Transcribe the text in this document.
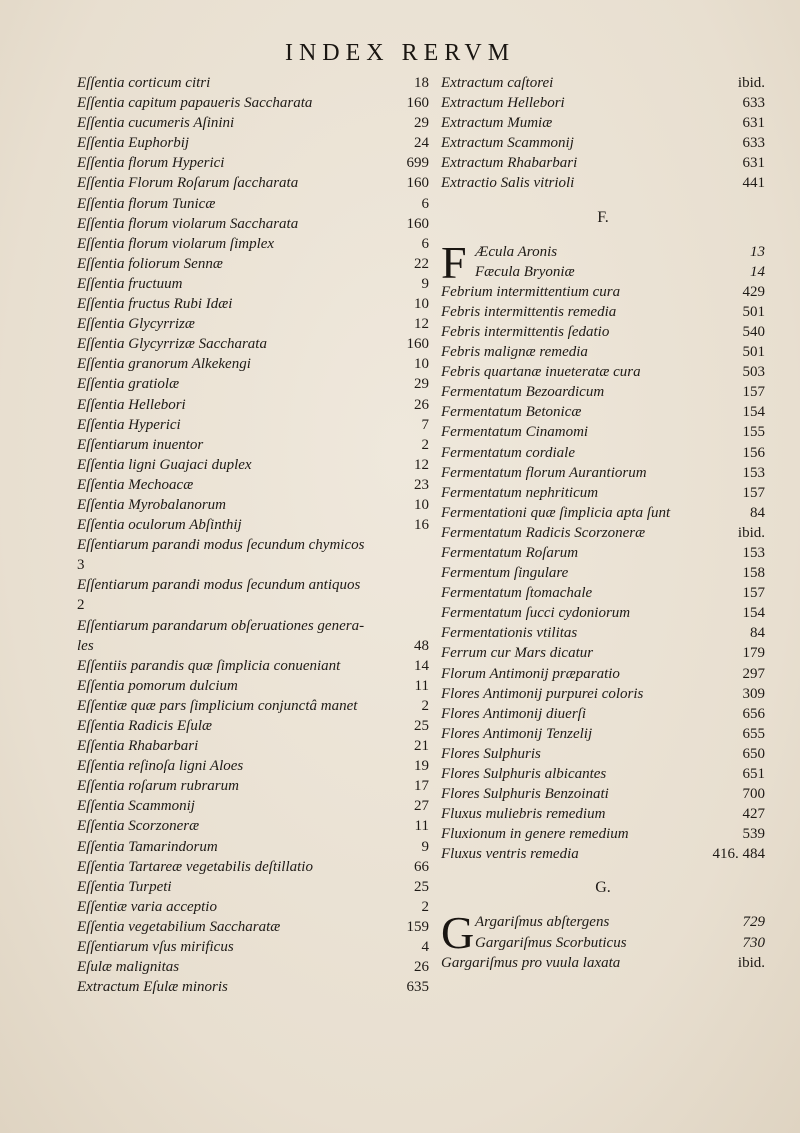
INDEX RERVM
Eſſentia corticum citri	18
Eſſentia capitum papaueris Saccharata	160
Eſſentia cucumeris Aſinini	29
Eſſentia Euphorbij	24
Eſſentia florum Hyperici	699
Eſſentia Florum Roſarum ſaccharata	160
Eſſentia florum Tunicæ	6
Eſſentia florum violarum Saccharata	160
Eſſentia florum violarum ſimplex	6
Eſſentia foliorum Sennæ	22
Eſſentia fructuum	9
Eſſentia fructus Rubi Idæi	10
Eſſentia Glycyrrizæ	12
Eſſentia Glycyrrizæ Saccharata	160
Eſſentia granorum Alkekengi	10
Eſſentia gratiolæ	29
Eſſentia Hellebori	26
Eſſentia Hyperici	7
Eſſentiarum inuentor	2
Eſſentia ligni Guajaci duplex	12
Eſſentia Mechoacæ	23
Eſſentia Myrobalanorum	10
Eſſentia oculorum Abſinthij	16
Eſſentiarum parandi modus ſecundum chymicos
3
Eſſentiarum parandi modus ſecundum antiquos
2
Eſſentiarum parandarum obſeruationes genera-
les	48
Eſſentiis parandis quæ ſimplicia conueniant	14
Eſſentia pomorum dulcium	11
Eſſentiæ quæ pars ſimplicium conjunctâ manet	2
Eſſentia Radicis Eſulæ	25
Eſſentia Rhabarbari	21
Eſſentia reſinoſa ligni Aloes	19
Eſſentia roſarum rubrarum	17
Eſſentia Scammonij	27
Eſſentia Scorzoneræ	11
Eſſentia Tamarindorum	9
Eſſentia Tartareæ vegetabilis deſtillatio	66
Eſſentia Turpeti	25
Eſſentiæ varia acceptio	2
Eſſentia vegetabilium Saccharatæ	159
Eſſentiarum vſus mirificus	4
Eſulæ malignitas	26
Extractum Eſulæ minoris	635
Extractum caſtorei	ibid.
Extractum Hellebori	633
Extractum Mumiæ	631
Extractum Scammonij	633
Extractum Rhabarbari	631
Extractio Salis vitrioli	441
F.
F Æcula Aronis	13
Fæcula Bryoniæ	14
Febrium intermittentium cura	429
Febris intermittentis remedia	501
Febris intermittentis ſedatio	540
Febris malignæ remedia	501
Febris quartanæ inueteratæ cura	503
Fermentatum Bezoardicum	157
Fermentatum Betonicæ	154
Fermentatum Cinamomi	155
Fermentatum cordiale	156
Fermentatum florum Aurantiorum	153
Fermentatum nephriticum	157
Fermentationi quæ ſimplicia apta ſunt	84
Fermentatum Radicis Scorzoneræ	ibid.
Fermentatum Roſarum	153
Fermentum ſingulare	158
Fermentatum ſtomachale	157
Fermentatum ſucci cydoniorum	154
Fermentationis vtilitas	84
Ferrum cur Mars dicatur	179
Florum Antimonij præparatio	297
Flores Antimonij purpurei coloris	309
Flores Antimonij diuerſi	656
Flores Antimonij Tenzelij	655
Flores Sulphuris	650
Flores Sulphuris albicantes	651
Flores Sulphuris Benzoinati	700
Fluxus muliebris remedium	427
Fluxionum in genere remedium	539
Fluxus ventris remedia	416. 484
G.
G Argariſmus abſtergens	729
Gargariſmus Scorbuticus	730
Gargariſmus pro vuula laxata	ibid.
